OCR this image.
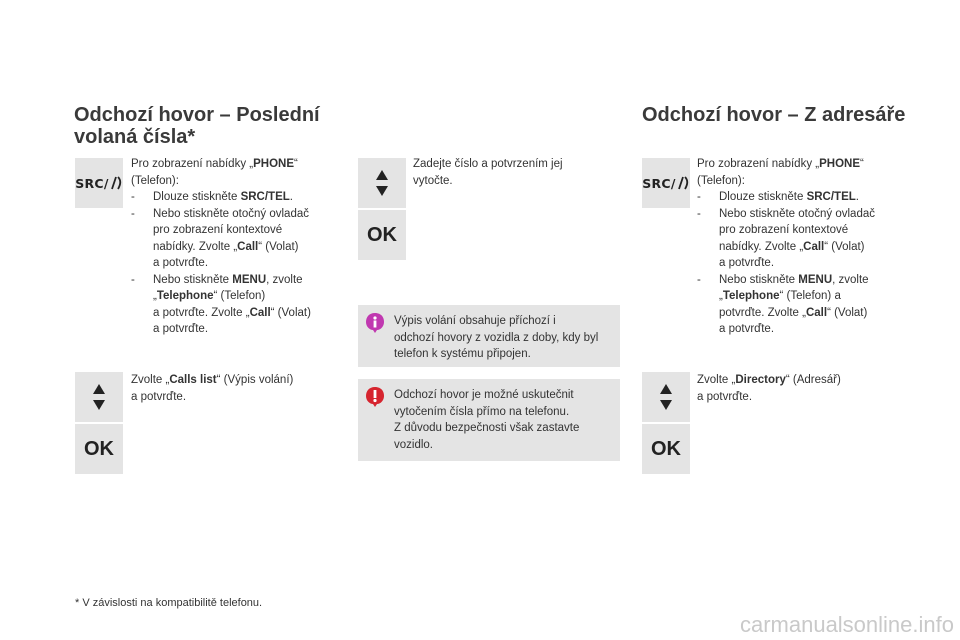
Odchozí hovor – Poslední
volaná čísla*
SRC/
Pro zobrazení nabídky „PHONE“
(Telefon):
-	Dlouze stiskněte SRC/TEL.
-	Nebo stiskněte otočný ovladač
pro zobrazení kontextové
nabídky. Zvolte „Call“ (Volat)
a potvrďte.
-	Nebo stiskněte MENU, zvolte
„Telephone“ (Telefon)
a potvrďte. Zvolte „Call“ (Volat)
a potvrďte.
Zvolte „Calls list“ (Výpis volání)
a potvrďte.
OK
Zadejte číslo a potvrzením jej
vytočte.
OK
Výpis volání obsahuje příchozí i
odchozí hovory z vozidla z doby, kdy byl
telefon k systému připojen.
Odchozí hovor je možné uskutečnit
vytočením čísla přímo na telefonu.
Z důvodu bezpečnosti však zastavte
vozidlo.
Odchozí hovor – Z adresáře
SRC/
Pro zobrazení nabídky „PHONE“
(Telefon):
-	Dlouze stiskněte SRC/TEL.
-	Nebo stiskněte otočný ovladač
pro zobrazení kontextové
nabídky. Zvolte „Call“ (Volat)
a potvrďte.
-	Nebo stiskněte MENU, zvolte
„Telephone“ (Telefon) a
potvrďte. Zvolte „Call“ (Volat)
a potvrďte.
Zvolte „Directory“ (Adresář)
a potvrďte.
OK
* V závislosti na kompatibilitě telefonu.
carmanualsonline.info
